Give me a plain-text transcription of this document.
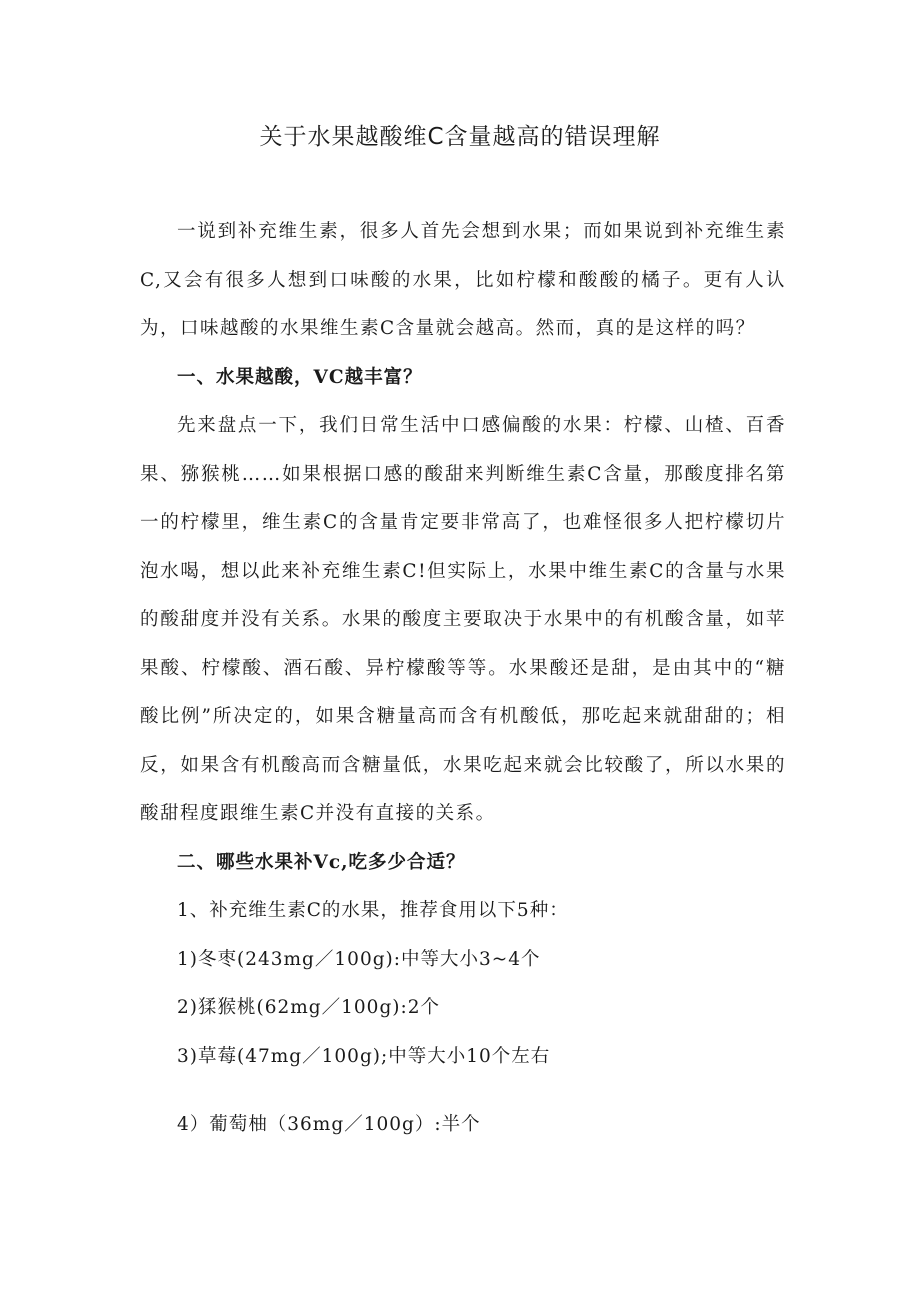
关于水果越酸维C含量越高的错误理解

一说到补充维生素，很多人首先会想到水果；而如果说到补充维生素C,又会有很多人想到口味酸的水果，比如柠檬和酸酸的橘子。更有人认为，口味越酸的水果维生素C含量就会越高。然而，真的是这样的吗？

一、水果越酸，VC越丰富？

先来盘点一下，我们日常生活中口感偏酸的水果：柠檬、山楂、百香果、猕猴桃……如果根据口感的酸甜来判断维生素C含量，那酸度排名第一的柠檬里，维生素C的含量肯定要非常高了，也难怪很多人把柠檬切片泡水喝，想以此来补充维生素C!但实际上，水果中维生素C的含量与水果的酸甜度并没有关系。水果的酸度主要取决于水果中的有机酸含量，如苹果酸、柠檬酸、酒石酸、异柠檬酸等等。水果酸还是甜，是由其中的“糖酸比例”所决定的，如果含糖量高而含有机酸低，那吃起来就甜甜的；相反，如果含有机酸高而含糖量低，水果吃起来就会比较酸了，所以水果的酸甜程度跟维生素C并没有直接的关系。

二、哪些水果补Vc,吃多少合适？

1、补充维生素C的水果，推荐食用以下5种：

1)冬枣(243mg／100g):中等大小3~4个

2)猱猴桃(62mg／100g):2个

3)草莓(47mg／100g);中等大小10个左右

4）葡萄柚（36mg／100g）:半个
